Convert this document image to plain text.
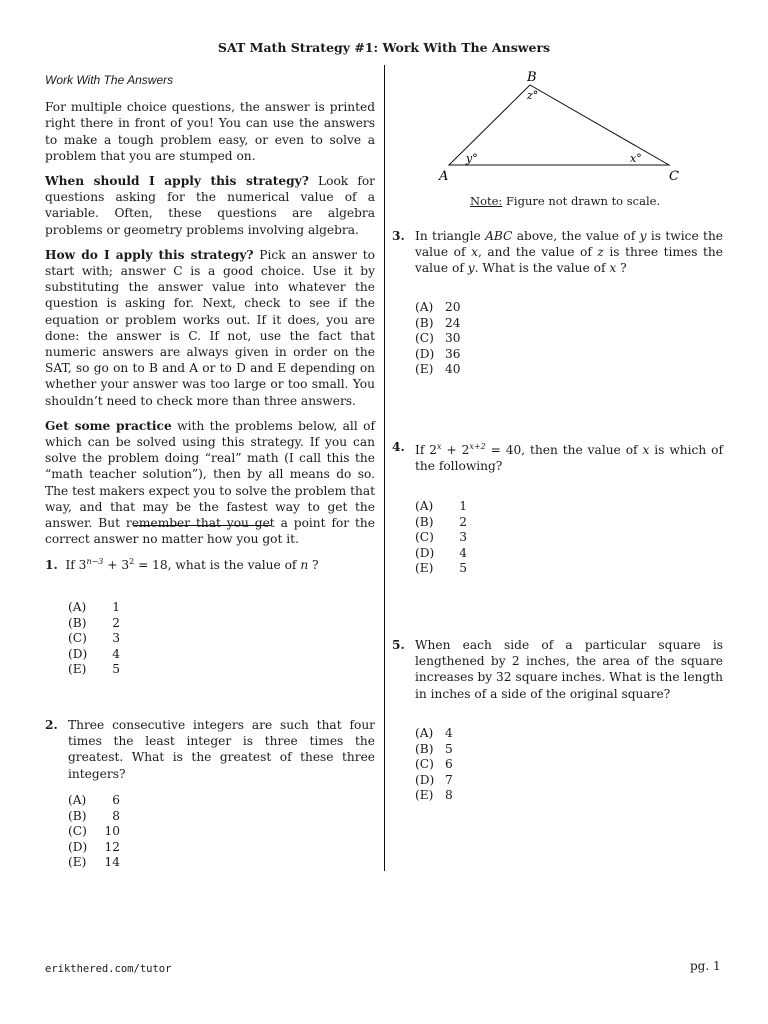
SAT Math Strategy #1: Work With The Answers
Work With The Answers

For multiple choice questions, the answer is printed right there in front of you! You can use the answers to make a tough problem easy, or even to solve a problem that you are stumped on.

When should I apply this strategy? Look for questions asking for the numerical value of a variable. Often, these questions are algebra problems or geometry problems involving algebra.

How do I apply this strategy? Pick an answer to start with; answer C is a good choice. Use it by substituting the answer value into whatever the question is asking for. Next, check to see if the equation or problem works out. If it does, you are done: the answer is C. If not, use the fact that numeric answers are always given in order on the SAT, so go on to B and A or to D and E depending on whether your answer was too large or too small. You shouldn’t need to check more than three answers.

Get some practice with the problems below, all of which can be solved using this strategy. If you can solve the problem doing “real” math (I call this the “math teacher solution”), then by all means do so. The test makers expect you to solve the problem that way, and that may be the fastest way to get the answer. But remember that you get a point for the correct answer no matter how you got it.

1. If $3^{n-3} + 3^2 = 18$, what is the value of n ?
(A)	1
(B)	2
(C)	3
(D)	4
(E)	5
2. Three consecutive integers are such that four times the least integer is three times the greatest. What is the greatest of these three integers?
(A)	6
(B)	8
(C)	10
(D)	12
(E)	14
B
A	C
y°	x°
z°
Note: Figure not drawn to scale.
3. In triangle ABC above, the value of y is twice the value of x, and the value of z is three times the value of y. What is the value of x ?
(A) 20
(B) 24
(C) 30
(D) 36
(E) 40
4. If $2^x + 2^{x+2} = 40$, then the value of x is which of the following?
(A)	1
(B)	2
(C)	3
(D)	4
(E)	5
5. When each side of a particular square is lengthened by 2 inches, the area of the square increases by 32 square inches. What is the length in inches of a side of the original square?
(A) 4
(B) 5
(C) 6
(D) 7
(E) 8
erikthered.com/tutor	pg. 1
